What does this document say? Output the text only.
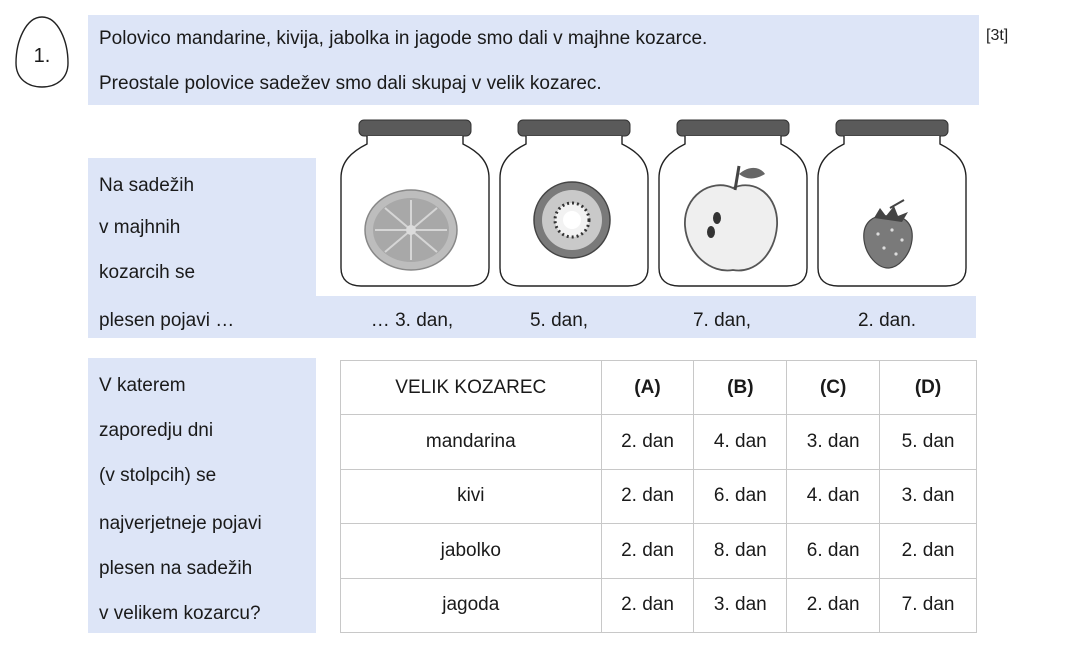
1.
[3t]
Polovico mandarine, kivija, jabolka in jagode smo dali v majhne kozarce.
Preostale polovice sadežev smo dali skupaj v velik kozarec.
Na sadežih
v majhnih
kozarcih se
plesen pojavi …	… 3. dan,	5. dan,	7. dan,	2. dan.
V katerem
zaporedju dni
(v stolpcih) se
najverjetneje pojavi
plesen na sadežih
v velikem kozarcu?
VELIK KOZAREC	(A)	(B)	(C)	(D)
mandarina	2. dan	4. dan	3. dan	5. dan
kivi	2. dan	6. dan	4. dan	3. dan
jabolko	2. dan	8. dan	6. dan	2. dan
jagoda	2. dan	3. dan	2. dan	7. dan
